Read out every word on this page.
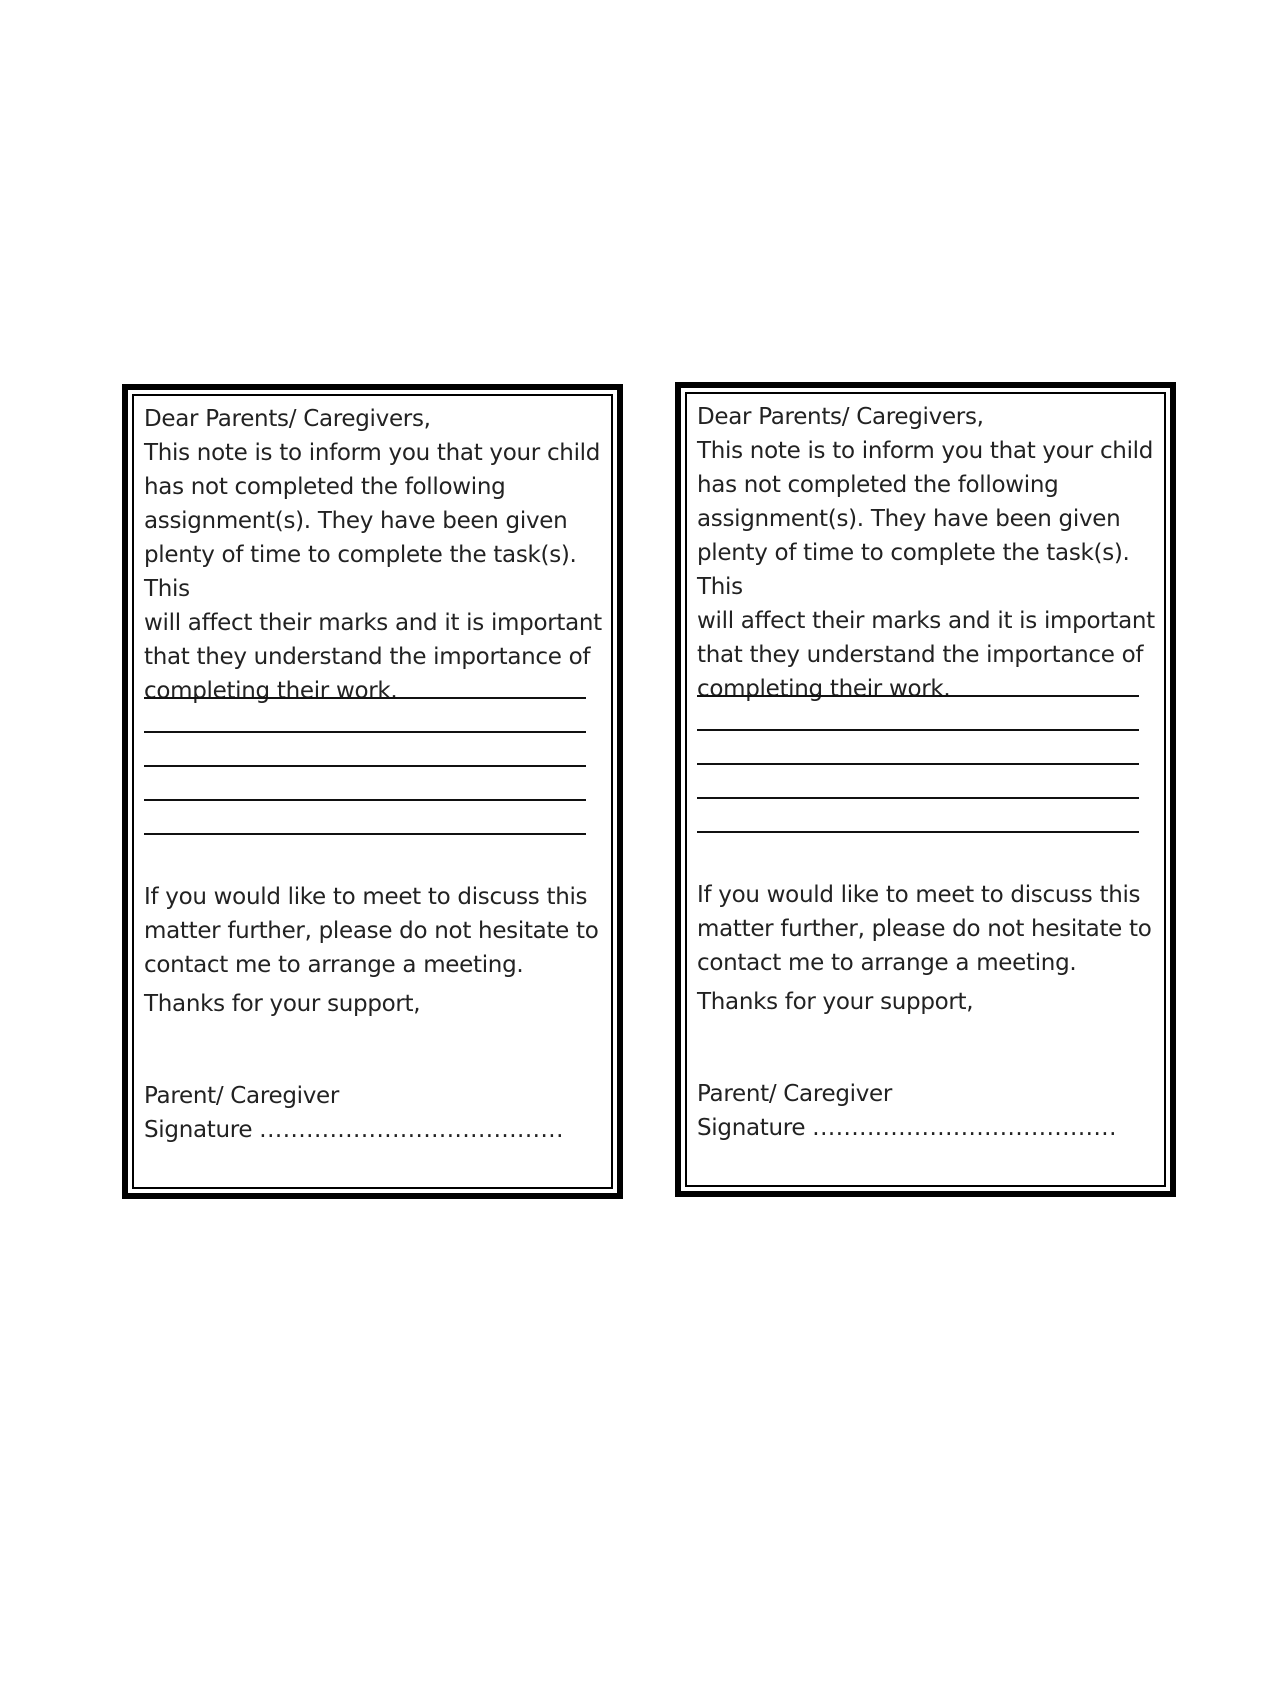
Dear Parents/ Caregivers,

This note is to inform you that your child
has not completed the following
assignment(s). They have been given
plenty of time to complete the task(s). This
will affect their marks and it is important
that they understand the importance of
completing their work.

If you would like to meet to discuss this
matter further, please do not hesitate to
contact me to arrange a meeting.

Thanks for your support,

Parent/ Caregiver

Signature .......................................

Dear Parents/ Caregivers,

This note is to inform you that your child
has not completed the following
assignment(s). They have been given
plenty of time to complete the task(s). This
will affect their marks and it is important
that they understand the importance of
completing their work.

If you would like to meet to discuss this
matter further, please do not hesitate to
contact me to arrange a meeting.

Thanks for your support,

Parent/ Caregiver

Signature .......................................
